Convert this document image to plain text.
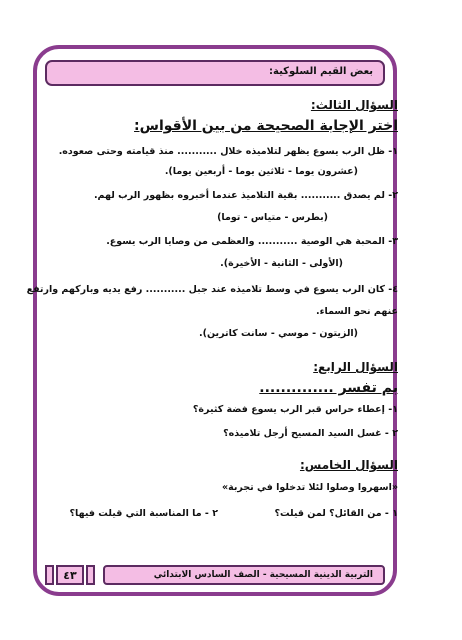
بعض القيم السلوكية:
السؤال الثالث:
اختر الإجابة الصحيحة من بين الأقواس:
١- ظل الرب يسوع يظهر لتلاميذه خلال ........... منذ قيامته وحتى صعوده.
(عشرون يوما - ثلاثين يوما - أربعين يوما).
٢- لم يصدق ........... بقية التلاميذ عندما أخبروه بظهور الرب لهم.
(بطرس - متياس - توما)
٣- المحبة هي الوصية ........... والعظمى من وصايا الرب يسوع.
(الأولى - الثانية - الأخيرة).
٤- كان الرب يسوع في وسط تلاميذه عند جبل ........... رفع يديه وباركهم وارتفع
عنهم نحو السماء.
(الزيتون - موسي - سانت كاترين).
السؤال الرابع:
بم تفسر ..............
١- إعطاء حراس قبر الرب يسوع فضة كثيرة؟
٢ - غسل السيد المسيح أرجل تلاميذه؟
السؤال الخامس:
«اسهروا وصلوا لئلا تدخلوا في تجربة»
١ - من القائل؟ لمن قيلت؟
٢ - ما المناسبة التي قيلت فيها؟
٤٣	التربية الدينية المسيحية - الصف السادس الابتدائي
